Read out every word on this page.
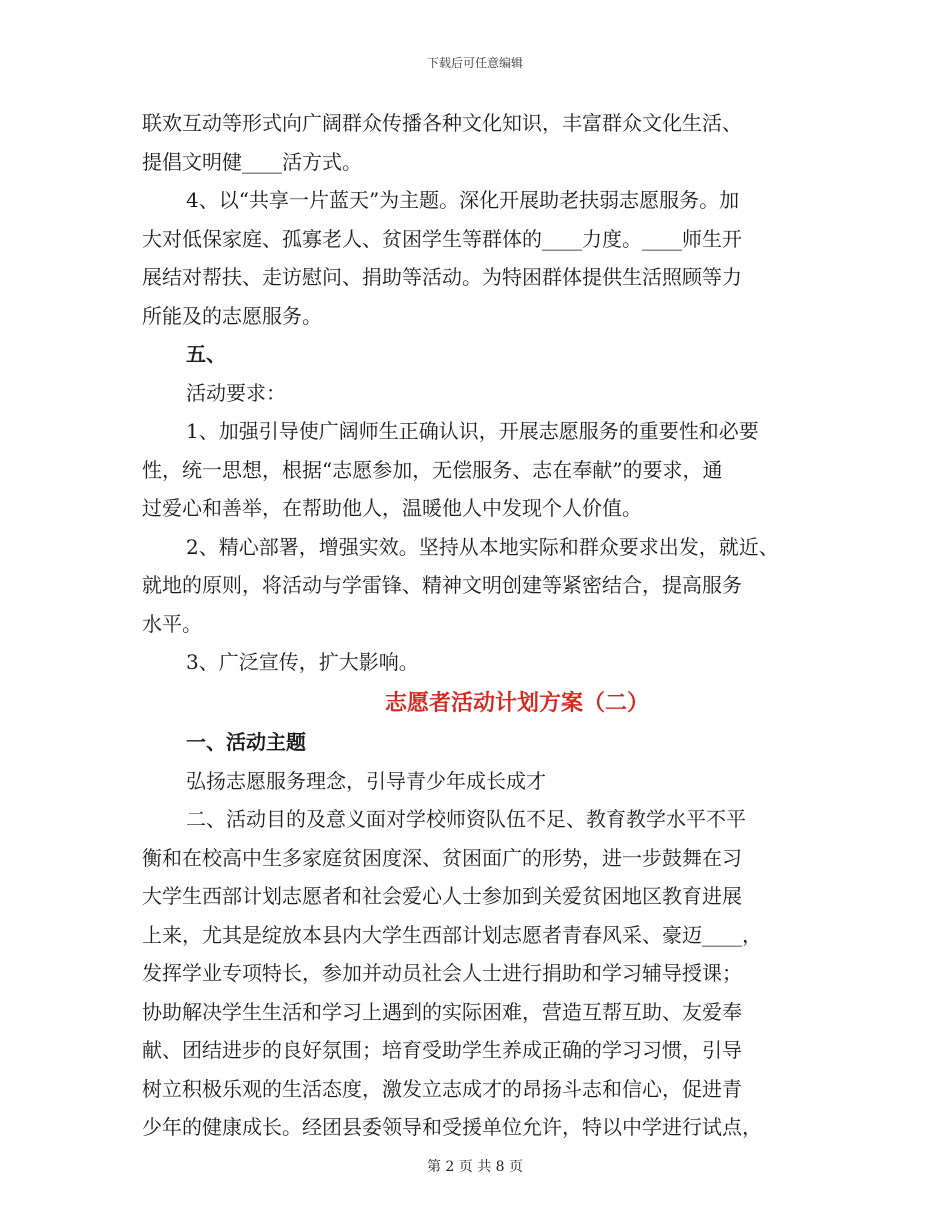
下载后可任意编辑

联欢互动等形式向广阔群众传播各种文化知识，丰富群众文化生活、

提倡文明健____活方式。

4、以“共享一片蓝天”为主题。深化开展助老扶弱志愿服务。加

大对低保家庭、孤寡老人、贫困学生等群体的____力度。____师生开

展结对帮扶、走访慰问、捐助等活动。为特困群体提供生活照顾等力

所能及的志愿服务。

五、

活动要求：

1、加强引导使广阔师生正确认识，开展志愿服务的重要性和必要

性，统一思想，根据“志愿参加，无偿服务、志在奉献”的要求，通

过爱心和善举，在帮助他人，温暖他人中发现个人价值。

2、精心部署，增强实效。坚持从本地实际和群众要求出发，就近、

就地的原则，将活动与学雷锋、精神文明创建等紧密结合，提高服务

水平。

3、广泛宣传，扩大影响。

志愿者活动计划方案（二）

一、活动主题

弘扬志愿服务理念，引导青少年成长成才

二、活动目的及意义面对学校师资队伍不足、教育教学水平不平

衡和在校高中生多家庭贫困度深、贫困面广的形势，进一步鼓舞在习

大学生西部计划志愿者和社会爱心人士参加到关爱贫困地区教育进展

上来，尤其是绽放本县内大学生西部计划志愿者青春风采、豪迈____，

发挥学业专项特长，参加并动员社会人士进行捐助和学习辅导授课；

协助解决学生生活和学习上遇到的实际困难，营造互帮互助、友爱奉

献、团结进步的良好氛围；培育受助学生养成正确的学习习惯，引导

树立积极乐观的生活态度，激发立志成才的昂扬斗志和信心，促进青

少年的健康成长。经团县委领导和受援单位允许，特以中学进行试点，

第 2 页 共 8 页
